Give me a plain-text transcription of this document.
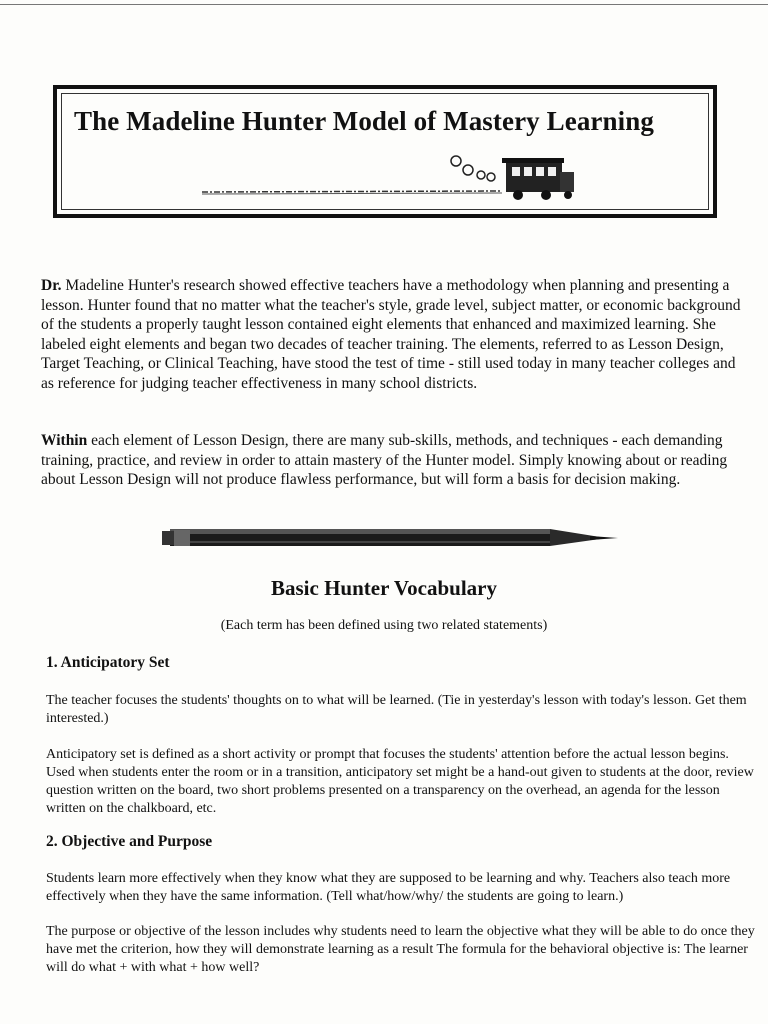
The Madeline Hunter Model of Mastery Learning

Dr. Madeline Hunter's research showed effective teachers have a methodology when planning and presenting a lesson. Hunter found that no matter what the teacher's style, grade level, subject matter, or economic background of the students a properly taught lesson contained eight elements that enhanced and maximized learning. She labeled eight elements and began two decades of teacher training. The elements, referred to as Lesson Design, Target Teaching, or Clinical Teaching, have stood the test of time - still used today in many teacher colleges and as reference for judging teacher effectiveness in many school districts.

Within each element of Lesson Design, there are many sub-skills, methods, and techniques - each demanding training, practice, and review in order to attain mastery of the Hunter model. Simply knowing about or reading about Lesson Design will not produce flawless performance, but will form a basis for decision making.

Basic Hunter Vocabulary

(Each term has been defined using two related statements)

1. Anticipatory Set

The teacher focuses the students' thoughts on to what will be learned. (Tie in yesterday's lesson with today's lesson. Get them interested.)

Anticipatory set is defined as a short activity or prompt that focuses the students' attention before the actual lesson begins. Used when students enter the room or in a transition, anticipatory set might be a hand-out given to students at the door, review question written on the board, two short problems presented on a transparency on the overhead, an agenda for the lesson written on the chalkboard, etc.

2. Objective and Purpose

Students learn more effectively when they know what they are supposed to be learning and why. Teachers also teach more effectively when they have the same information. (Tell what/how/why/ the students are going to learn.)

The purpose or objective of the lesson includes why students need to learn the objective what they will be able to do once they have met the criterion, how they will demonstrate learning as a result The formula for the behavioral objective is: The learner will do what + with what + how well?
